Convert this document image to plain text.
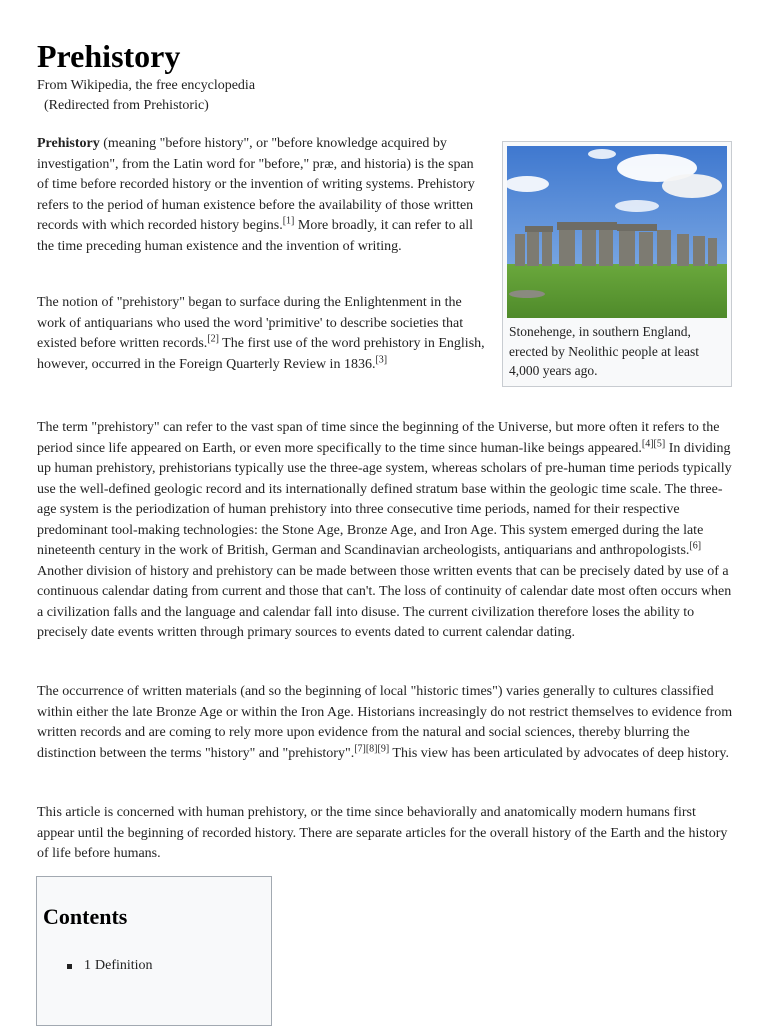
Prehistory
From Wikipedia, the free encyclopedia
(Redirected from Prehistoric)

Prehistory (meaning "before history", or "before knowledge acquired by investigation", from the Latin word for "before," præ, and historia) is the span of time before recorded history or the invention of writing systems. Prehistory refers to the period of human existence before the availability of those written records with which recorded history begins.[1] More broadly, it can refer to all the time preceding human existence and the invention of writing.

The notion of "prehistory" began to surface during the Enlightenment in the work of antiquarians who used the word 'primitive' to describe societies that existed before written records.[2] The first use of the word prehistory in English, however, occurred in the Foreign Quarterly Review in 1836.[3]

Stonehenge, in southern England, erected by Neolithic people at least 4,000 years ago.

The term "prehistory" can refer to the vast span of time since the beginning of the Universe, but more often it refers to the period since life appeared on Earth, or even more specifically to the time since human-like beings appeared.[4][5] In dividing up human prehistory, prehistorians typically use the three-age system, whereas scholars of pre-human time periods typically use the well-defined geologic record and its internationally defined stratum base within the geologic time scale. The three-age system is the periodization of human prehistory into three consecutive time periods, named for their respective predominant tool-making technologies: the Stone Age, Bronze Age, and Iron Age. This system emerged during the late nineteenth century in the work of British, German and Scandinavian archeologists, antiquarians and anthropologists.[6] Another division of history and prehistory can be made between those written events that can be precisely dated by use of a continuous calendar dating from current and those that can't. The loss of continuity of calendar date most often occurs when a civilization falls and the language and calendar fall into disuse. The current civilization therefore loses the ability to precisely date events written through primary sources to events dated to current calendar dating.

The occurrence of written materials (and so the beginning of local "historic times") varies generally to cultures classified within either the late Bronze Age or within the Iron Age. Historians increasingly do not restrict themselves to evidence from written records and are coming to rely more upon evidence from the natural and social sciences, thereby blurring the distinction between the terms "history" and "prehistory".[7][8][9] This view has been articulated by advocates of deep history.

This article is concerned with human prehistory, or the time since behaviorally and anatomically modern humans first appear until the beginning of recorded history. There are separate articles for the overall history of the Earth and the history of life before humans.

Contents
1 Definition
